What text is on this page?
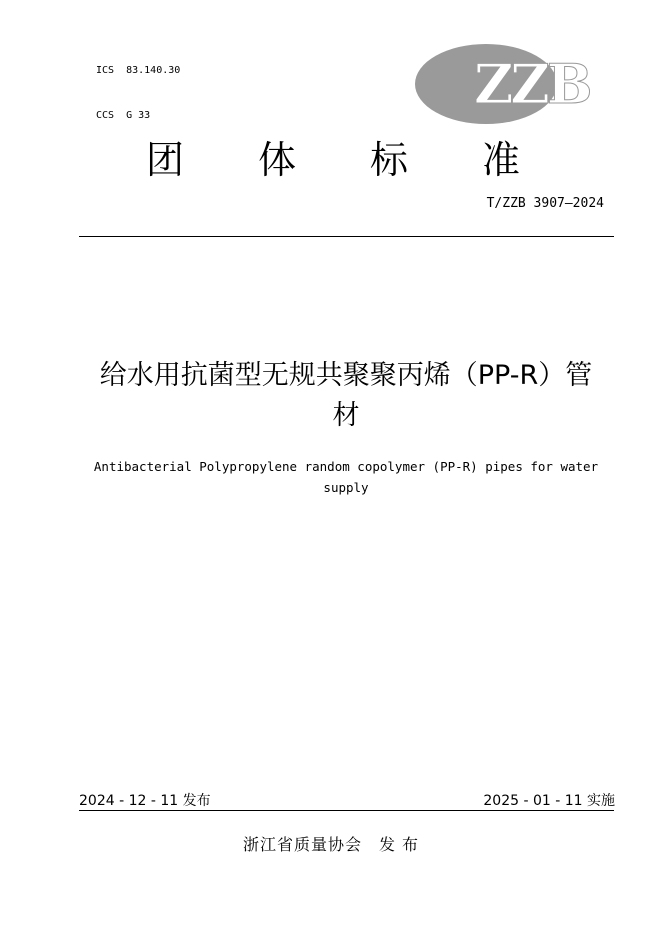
ICS  83.140.30

CCS  G 33	ZZB
团 体 标 准
T/ZZB 3907—2024
给水用抗菌型无规共聚聚丙烯（PP-R）管
材
Antibacterial Polypropylene random copolymer (PP-R) pipes for water
supply
2024 - 12 - 11 发布	2025 - 01 - 11 实施
浙江省质量协会　发 布
